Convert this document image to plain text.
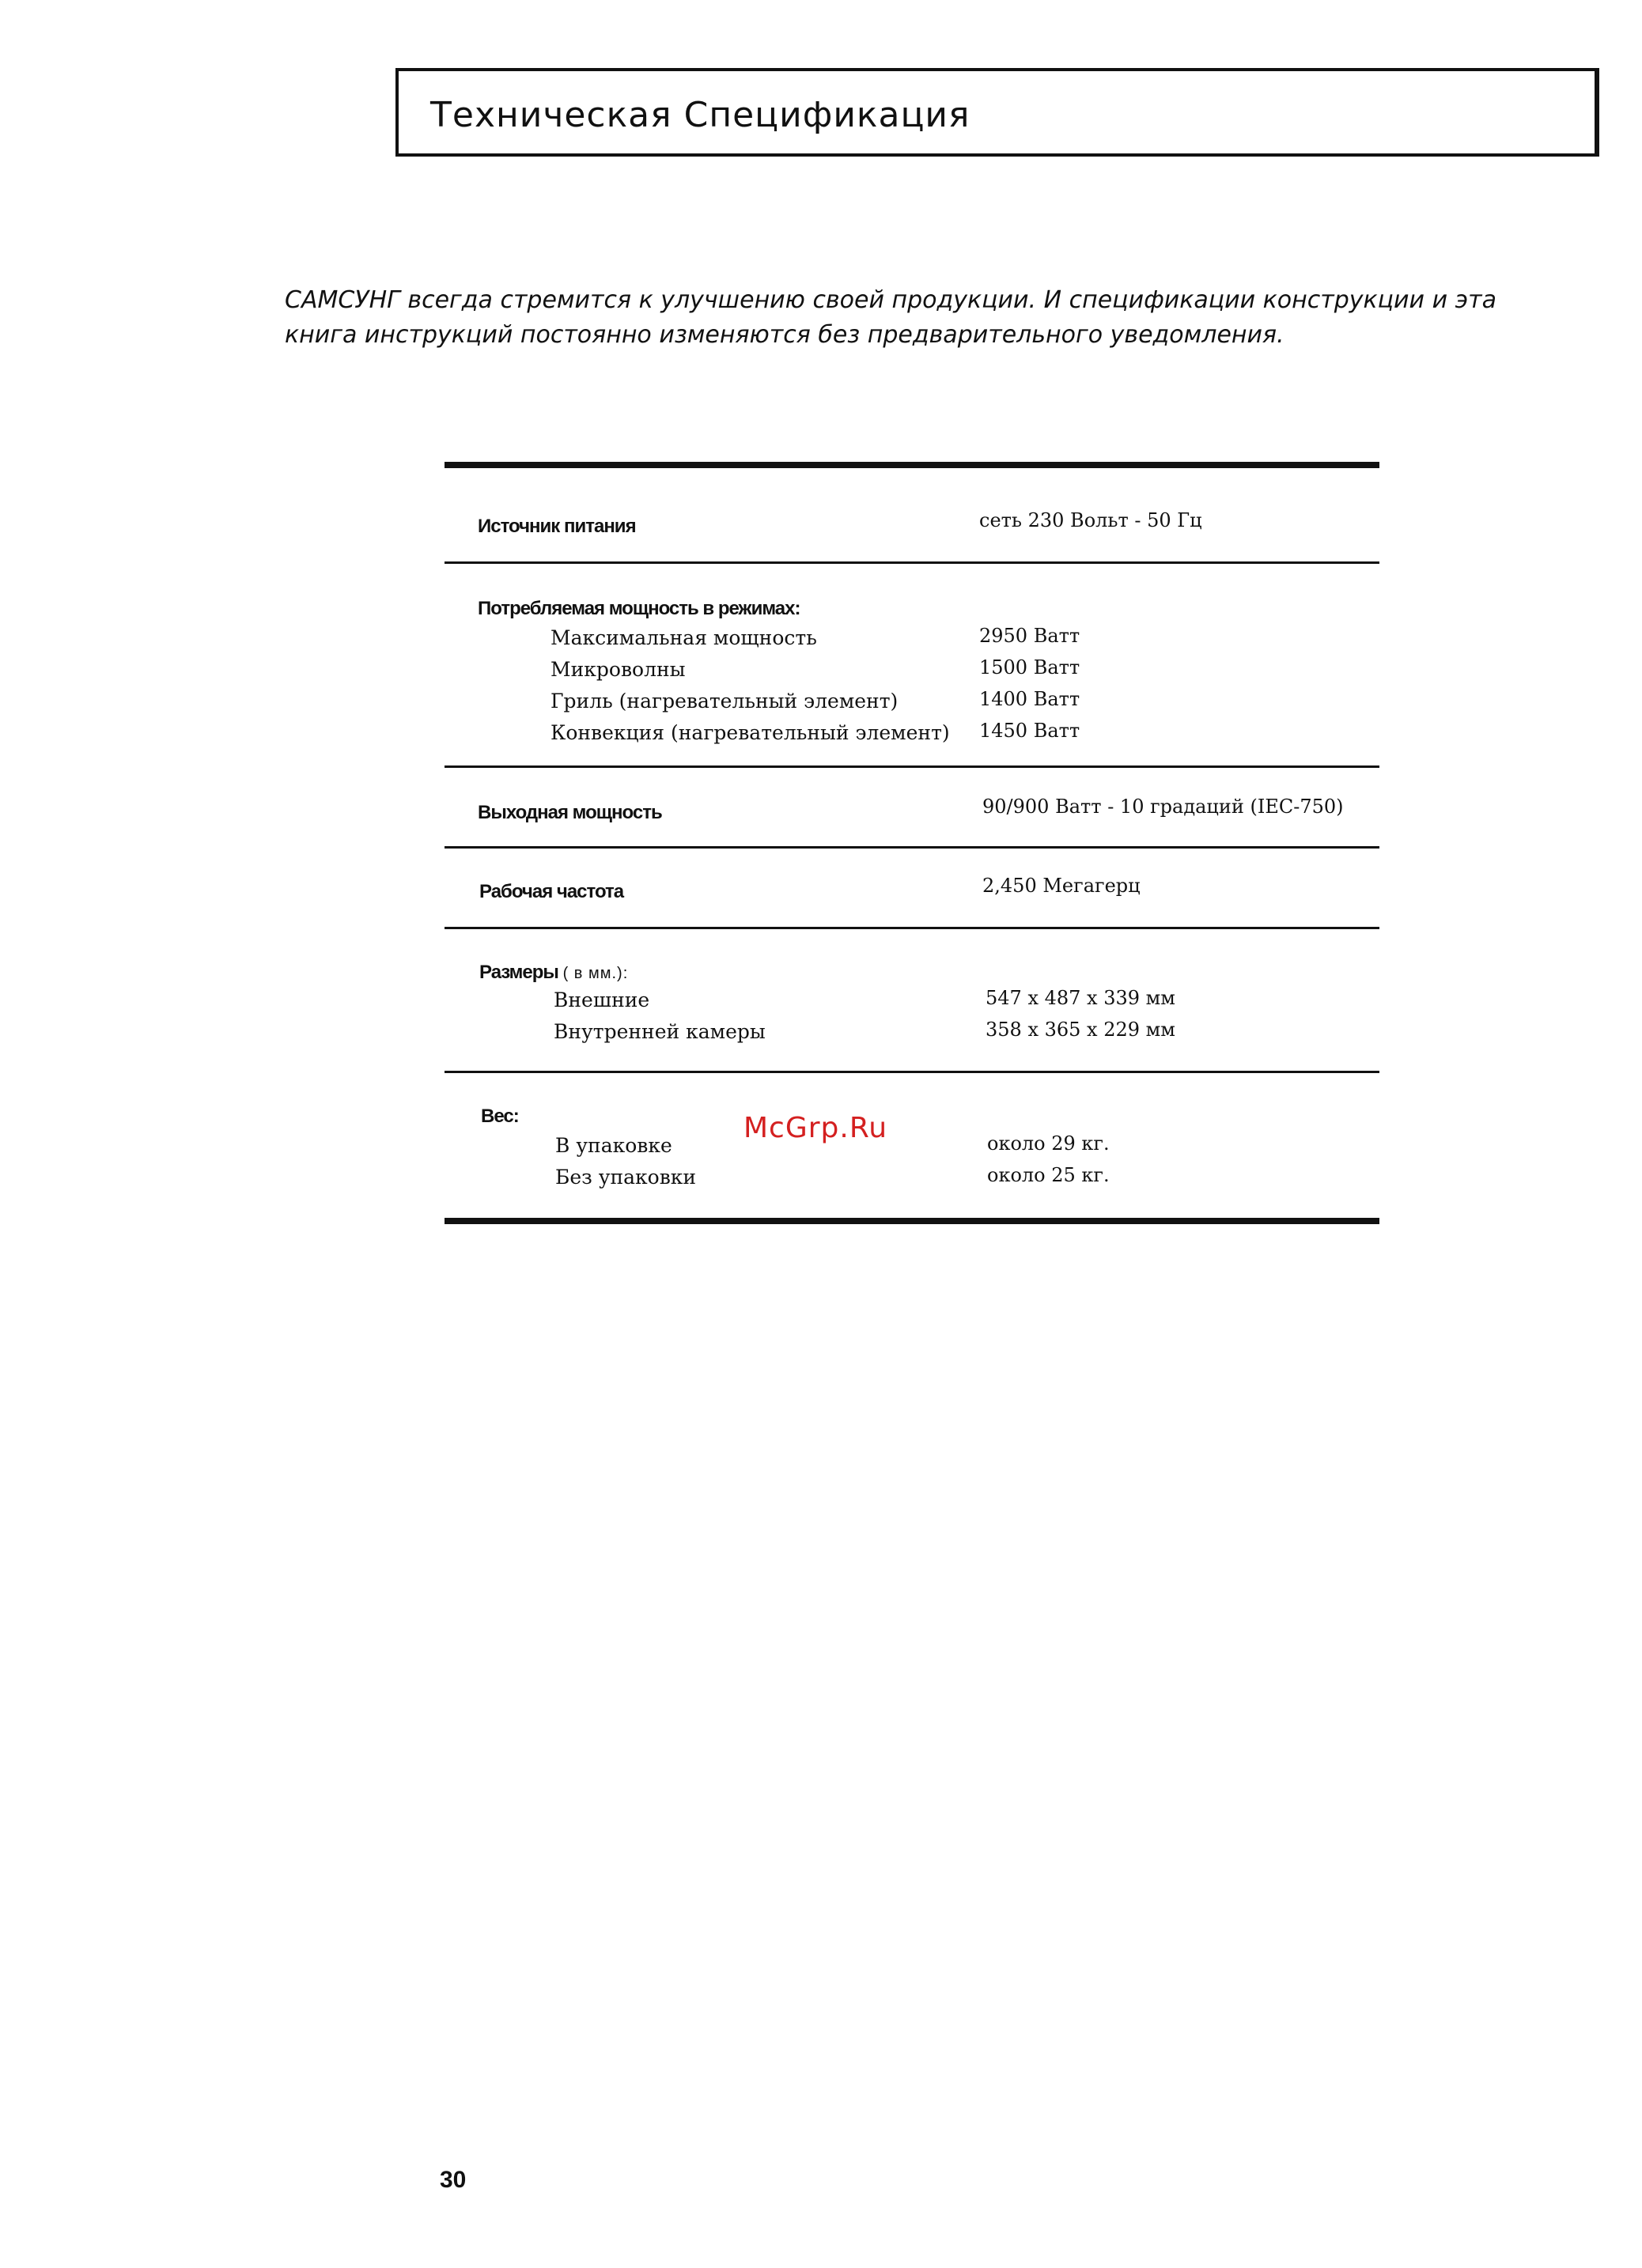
Техническая Спецификация
САМСУНГ всегда стремится к улучшению своей продукции. И спецификации конструкции и эта книга инструкций постоянно изменяются без предварительного уведомления.
Источник питания	сеть 230 Вольт - 50 Гц
Потребляемая мощность в режимах:
Максимальная мощность	2950 Ватт
Микроволны	1500 Ватт
Гриль (нагревательный элемент)	1400 Ватт
Конвекция (нагревательный элемент) 1450 Ватт
Выходная мощность	90/900 Ватт - 10 градаций (IEC-750)
Рабочая частота	2,450 Мегагерц
Размеры ( в мм.):
Внешние	547 x 487 x 339 мм
Внутренней камеры	358 x 365 x 229 мм
Вес:
В упаковке	около 29 кг.
Без упаковки	около 25 кг.
McGrp.Ru
30
